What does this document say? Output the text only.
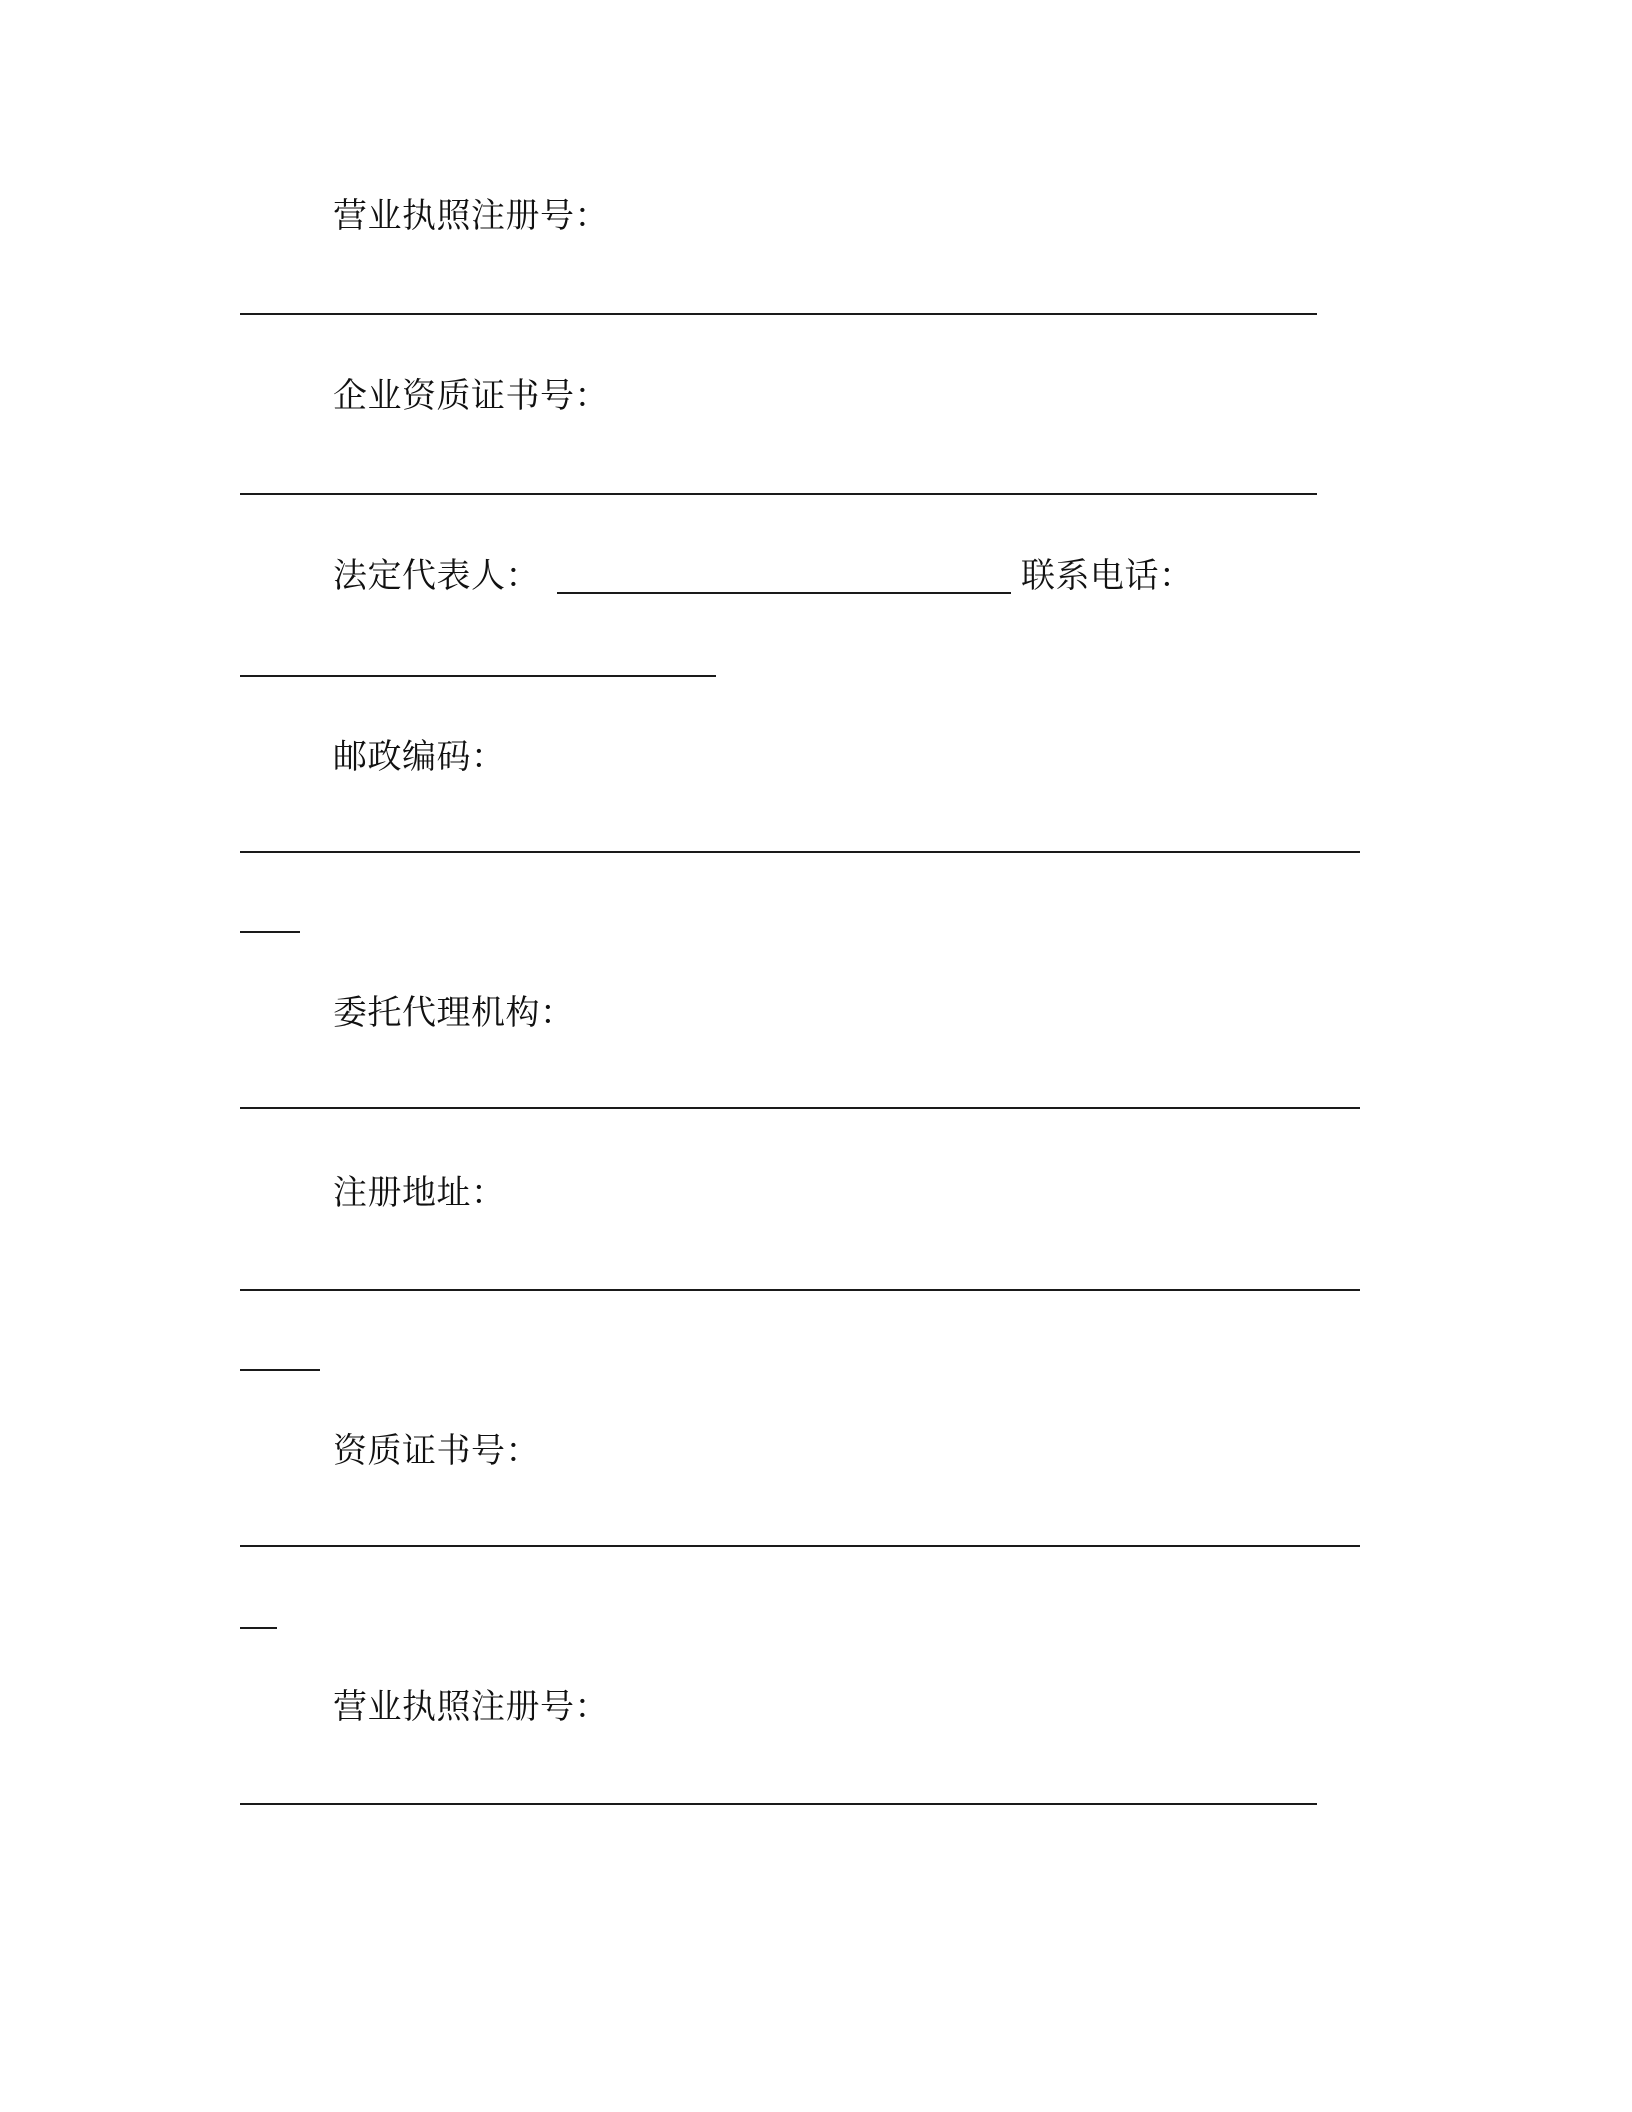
营业执照注册号：
企业资质证书号：
法定代表人：	联系电话：
邮政编码：
委托代理机构：
注册地址：
资质证书号：
营业执照注册号：
